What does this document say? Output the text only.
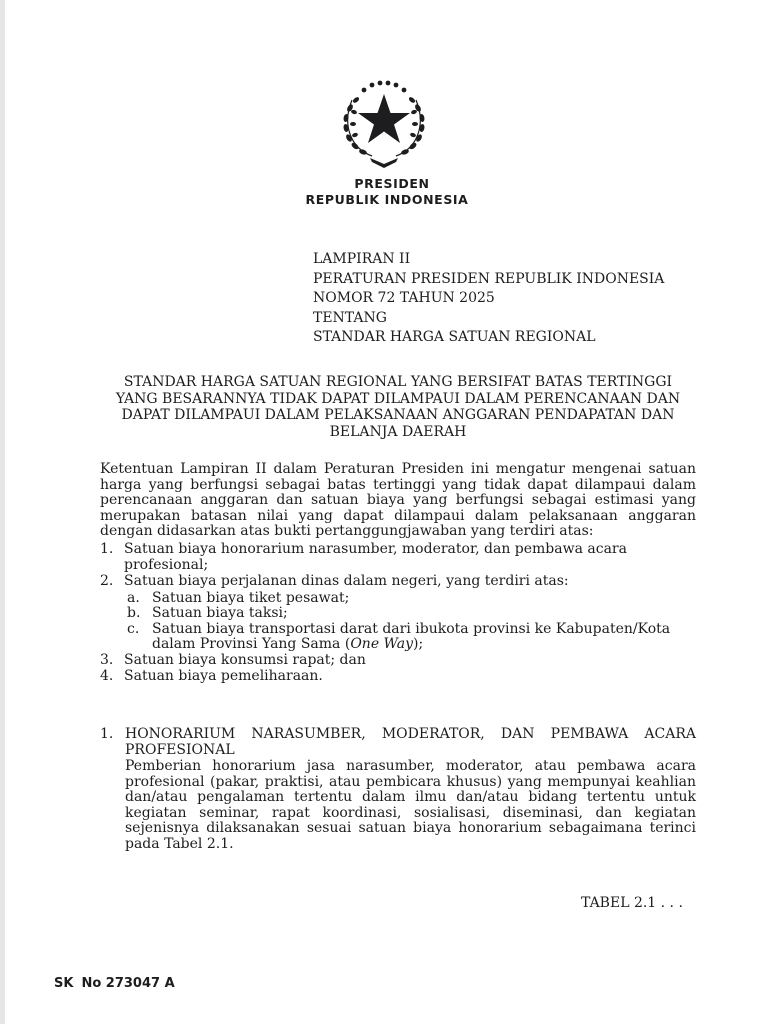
PRESIDEN
REPUBLIK INDONESIA
LAMPIRAN II
PERATURAN PRESIDEN REPUBLIK INDONESIA
NOMOR 72 TAHUN 2025
TENTANG
STANDAR HARGA SATUAN REGIONAL
STANDAR HARGA SATUAN REGIONAL YANG BERSIFAT BATAS TERTINGGI
YANG BESARANNYA TIDAK DAPAT DILAMPAUI DALAM PERENCANAAN DAN
DAPAT DILAMPAUI DALAM PELAKSANAAN ANGGARAN PENDAPATAN DAN
BELANJA DAERAH
Ketentuan Lampiran II dalam Peraturan Presiden ini mengatur mengenai satuan harga yang berfungsi sebagai batas tertinggi yang tidak dapat dilampaui dalam perencanaan anggaran dan satuan biaya yang berfungsi sebagai estimasi yang merupakan batasan nilai yang dapat dilampaui dalam pelaksanaan anggaran dengan didasarkan atas bukti pertanggungjawaban yang terdiri atas:
1. Satuan biaya honorarium narasumber, moderator, dan pembawa acara profesional;
2. Satuan biaya perjalanan dinas dalam negeri, yang terdiri atas:
a. Satuan biaya tiket pesawat;
b. Satuan biaya taksi;
c. Satuan biaya transportasi darat dari ibukota provinsi ke Kabupaten/Kota dalam Provinsi Yang Sama (One Way);
3. Satuan biaya konsumsi rapat; dan
4. Satuan biaya pemeliharaan.
1. HONORARIUM NARASUMBER, MODERATOR, DAN PEMBAWA ACARA PROFESIONAL
Pemberian honorarium jasa narasumber, moderator, atau pembawa acara profesional (pakar, praktisi, atau pembicara khusus) yang mempunyai keahlian dan/atau pengalaman tertentu dalam ilmu dan/atau bidang tertentu untuk kegiatan seminar, rapat koordinasi, sosialisasi, diseminasi, dan kegiatan sejenisnya dilaksanakan sesuai satuan biaya honorarium sebagaimana terinci pada Tabel 2.1.
TABEL 2.1 . . .
SK No 273047 A
